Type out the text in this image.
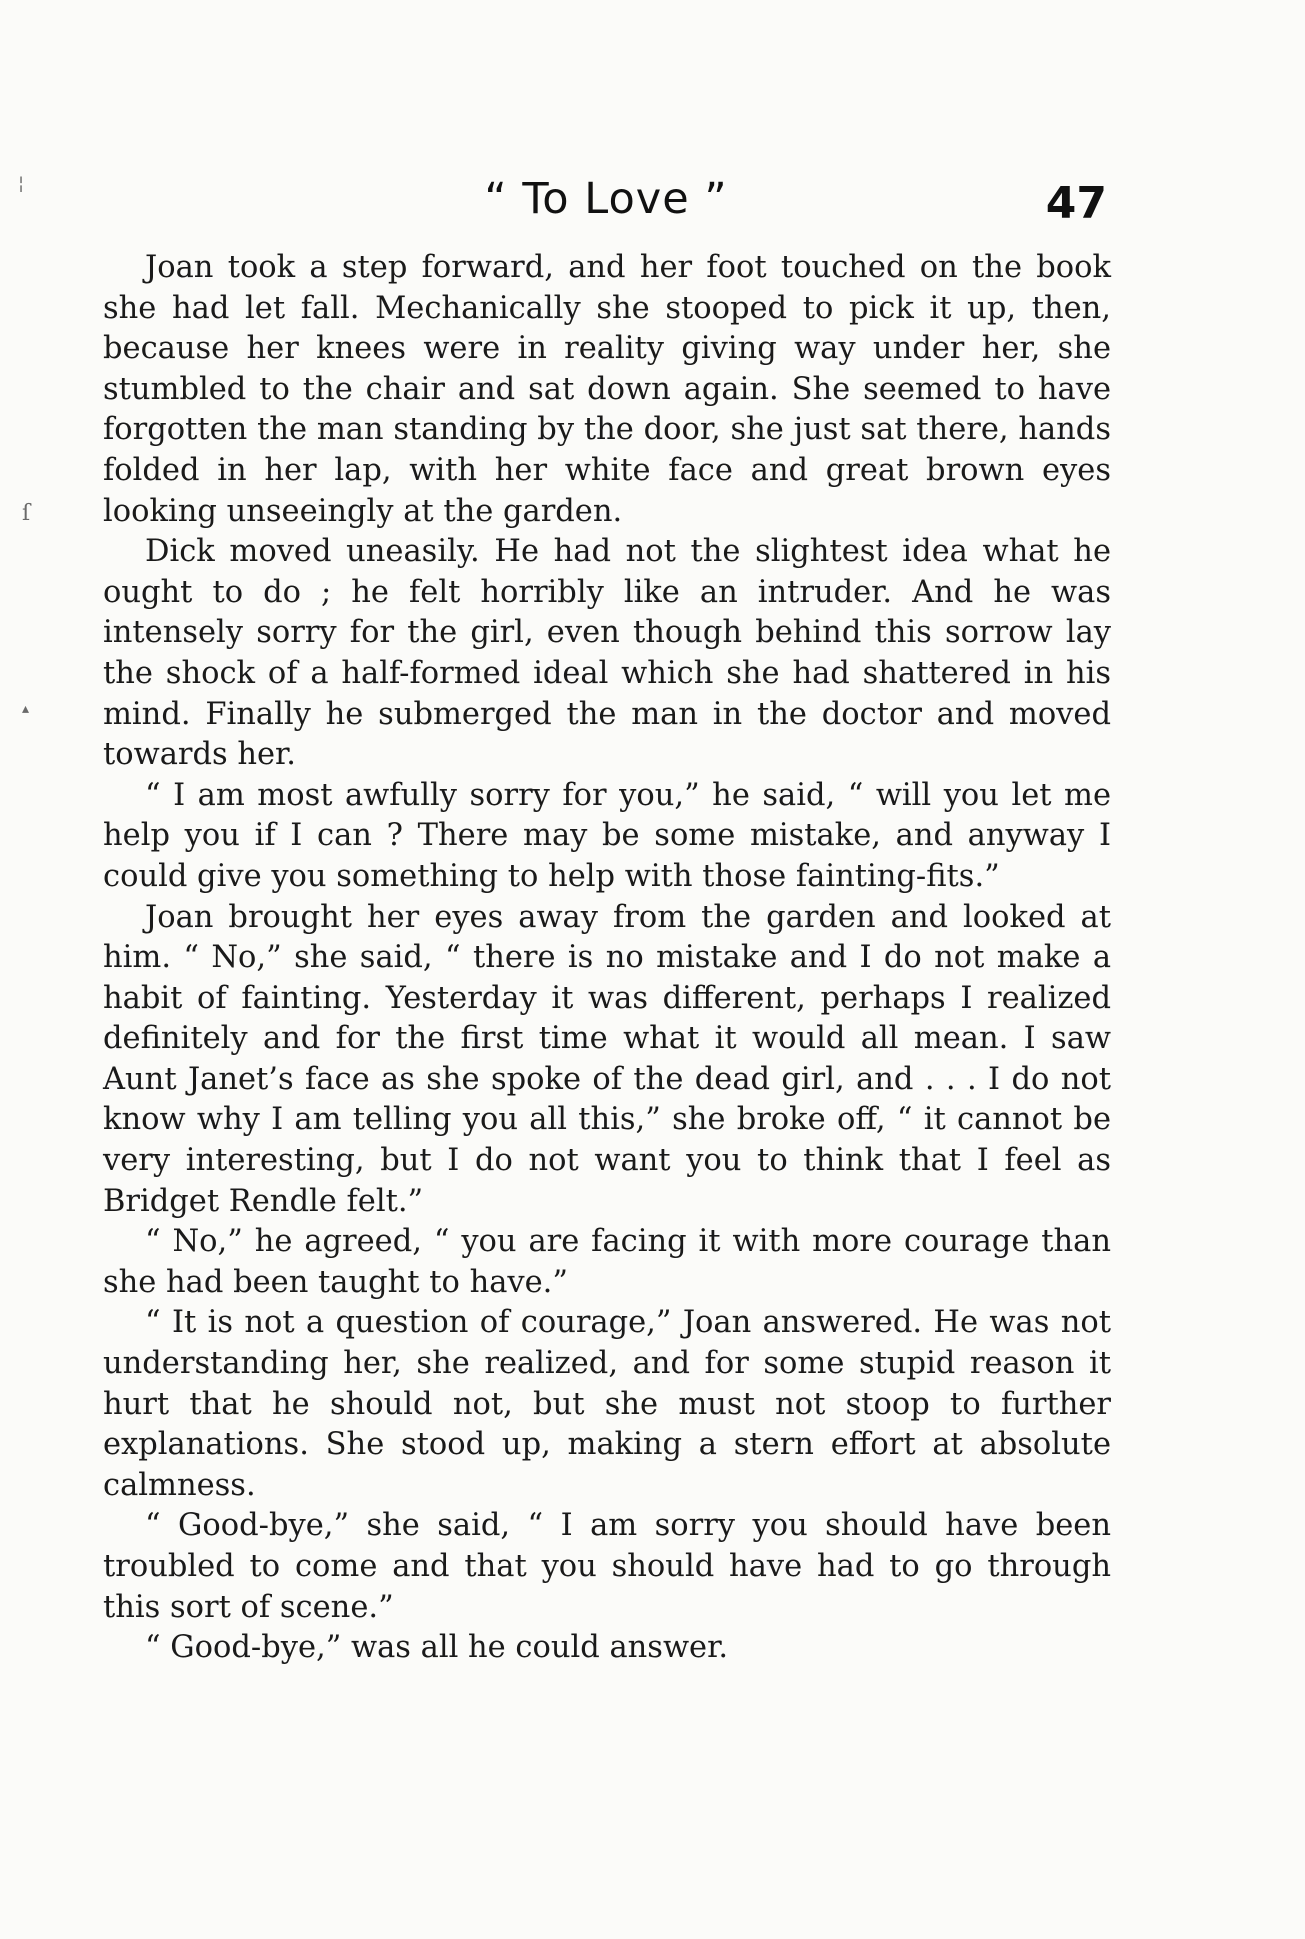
¦
ſ
▴
“ To Love ”	47

Joan took a step forward, and her foot touched on the book she had let fall. Mechanically she stooped to pick it up, then, because her knees were in reality giving way under her, she stumbled to the chair and sat down again. She seemed to have forgotten the man standing by the door, she just sat there, hands folded in her lap, with her white face and great brown eyes looking unseeingly at the garden.

Dick moved uneasily. He had not the slightest idea what he ought to do ; he felt horribly like an intruder. And he was intensely sorry for the girl, even though behind this sorrow lay the shock of a half-formed ideal which she had shattered in his mind. Finally he submerged the man in the doctor and moved towards her.

“ I am most awfully sorry for you,” he said, “ will you let me help you if I can ? There may be some mistake, and anyway I could give you something to help with those fainting-fits.”

Joan brought her eyes away from the garden and looked at him. “ No,” she said, “ there is no mistake and I do not make a habit of fainting. Yesterday it was different, perhaps I realized definitely and for the first time what it would all mean. I saw Aunt Janet’s face as she spoke of the dead girl, and . . . I do not know why I am telling you all this,” she broke off, “ it cannot be very interesting, but I do not want you to think that I feel as Bridget Rendle felt.”

“ No,” he agreed, “ you are facing it with more courage than she had been taught to have.”

“ It is not a question of courage,” Joan answered. He was not understanding her, she realized, and for some stupid reason it hurt that he should not, but she must not stoop to further explanations. She stood up, making a stern effort at absolute calmness.

“ Good-bye,” she said, “ I am sorry you should have been troubled to come and that you should have had to go through this sort of scene.”

“ Good-bye,” was all he could answer.
